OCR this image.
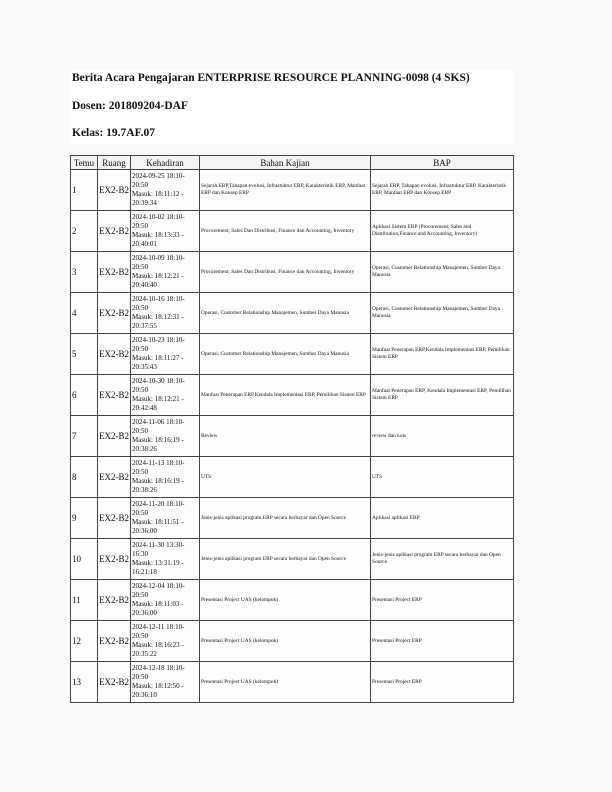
Berita Acara Pengajaran ENTERPRISE RESOURCE PLANNING-0098 (4 SKS)
Dosen: 201809204-DAF
Kelas: 19.7AF.07
Temu	Ruang	Kehadiran	Bahan Kajian	BAP
1	EX2-B2	2024-09-25 18:10-20:50
Masuk: 18:11:12 - 20:39:34	Sejarah ERP,Tahapan evolusi, Infrastuktur ERP, Karakteristik ERP, Manfaat ERP dan Konsep ERP	Sejarah ERP, Tahapan evolusi, Infrastuktur ERP, Karakteristik ERP, Manfaat ERP dan Konsep ERP
2	EX2-B2	2024-10-02 18:10-20:50
Masuk: 18:13:33 - 20:40:01	Procurement, Sales Dan Distribusi, Finance dan Accounting, Inventory	Aplikasi Sistem ERP (Procurement, Sales and Distribution,Finance and Accounting, Inventory)
3	EX2-B2	2024-10-09 18:10-20:50
Masuk: 18:12:21 - 20:40:40	Procurement, Sales Dan Distribusi, Finance dan Accounting, Inventory	Operasi, Customer Relationship Manajemen, Sumber Daya Manusia
4	EX2-B2	2024-10-16 18:10-20:50
Masuk: 18:12:31 - 20:37:55	Operasi, Customer Relationship Manajemen, Sumber Daya Manusia	Operasi, Customer Relationship Manajemen, Sumber Daya Manusia
5	EX2-B2	2024-10-23 18:10-20:50
Masuk: 18:11:27 - 20:35:43	Operasi, Customer Relationship Manajemen, Sumber Daya Manusia	Manfaat Penerapan ERP,Kendala Implementasi ERP, Pemilihan Sistem ERP
6	EX2-B2	2024-10-30 18:10-20:50
Masuk: 18:12:21 - 20:42:48	Manfaat Penerapan ERP,Kendala Implementasi ERP, Pemilihan Sistem ERP	Manfaat Penerapan ERP, Kendala Implementasi ERP, Pemilihan Sistem ERP
7	EX2-B2	2024-11-06 18:10-20:50
Masuk: 18:16:19 - 20:38:26	Review	review dan kuis
8	EX2-B2	2024-11-13 18:10-20:50
Masuk: 18:16:19 - 20:38:26	UTS	UTS
9	EX2-B2	2024-11-20 18:10-20:50
Masuk: 18:11:51 - 20:36:00	Jenis-jenis aplikasi program ERP secara berbayar dan Open Source	Aplikasi aplikasi ERP
10	EX2-B2	2024-11-30 13:30-16:30
Masuk: 13:31:19 - 16:21:18	Jenis-jenis aplikasi program ERP secara berbayar dan Open Source	Jenis-jenis aplikasi program ERP secara berbayar dan Open Source
11	EX2-B2	2024-12-04 18:10-20:50
Masuk: 18:11:03 - 20:36:00	Presentasi Project UAS (kelompok)	Presentasi Project ERP
12	EX2-B2	2024-12-11 18:10-20:50
Masuk: 18:16:23 - 20:35:22	Presentasi Project UAS (kelompok)	Presentasi Project ERP
13	EX2-B2	2024-12-18 18:10-20:50
Masuk: 18:12:50 - 20:36:10	Presentasi Project UAS (kelompok)	Presentasi Project ERP
